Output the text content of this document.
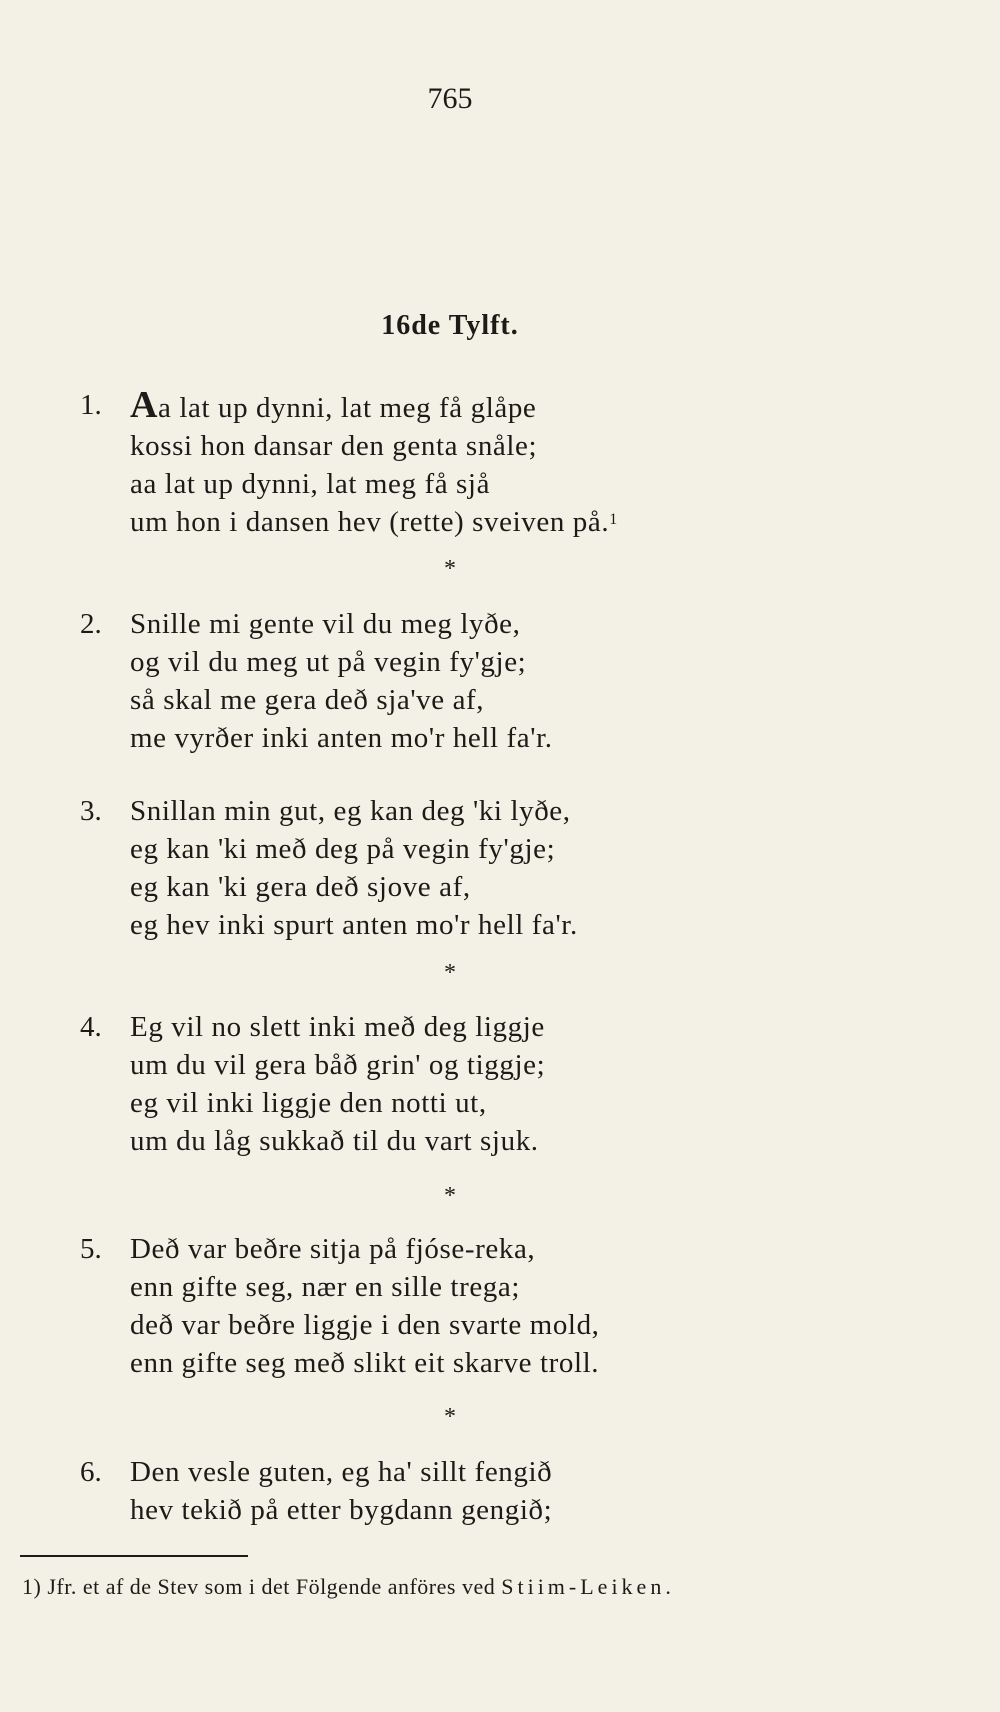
765
16de Tylft.
1. Aa lat up dynni, lat meg få glåpe
kossi hon dansar den genta snåle;
aa lat up dynni, lat meg få sjå
um hon i dansen hev (rette) sveiven på.$^1$
*
2. Snille mi gente vil du meg lyðe,
og vil du meg ut på vegin fy'gje;
så skal me gera deð sja've af,
me vyrðer inki anten mo'r hell fa'r.
3. Snillan min gut, eg kan deg 'ki lyðe,
eg kan 'ki með deg på vegin fy'gje;
eg kan 'ki gera deð sjove af,
eg hev inki spurt anten mo'r hell fa'r.
*
4. Eg vil no slett inki með deg liggje
um du vil gera båð grin' og tiggje;
eg vil inki liggje den notti ut,
um du låg sukkað til du vart sjuk.
*
5. Deð var beðre sitja på fjóse-reka,
enn gifte seg, nær en sille trega;
deð var beðre liggje i den svarte mold,
enn gifte seg með slikt eit skarve troll.
*
6. Den vesle guten, eg ha' sillt fengið
hev tekið på etter bygdann gengið;
1) Jfr. et af de Stev som i det Fölgende anföres ved Stiim-Leiken.
